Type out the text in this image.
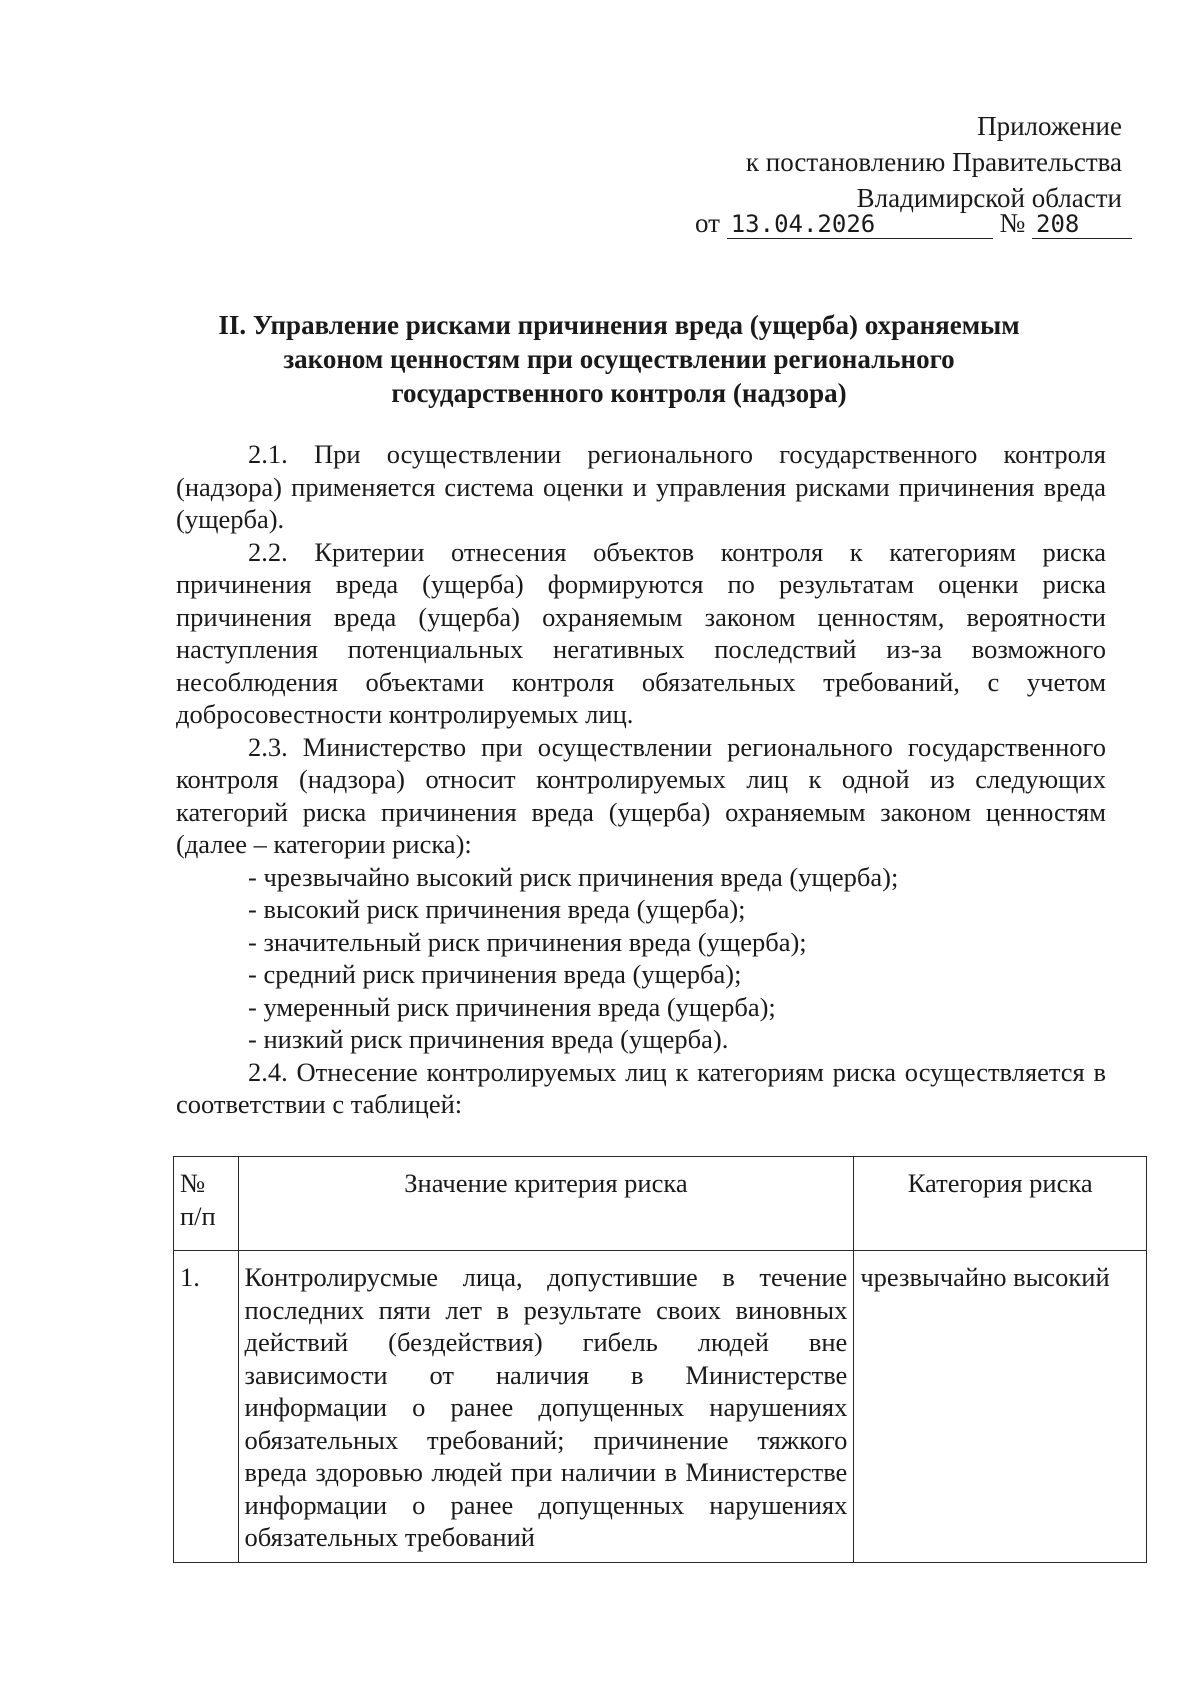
Приложение
к постановлению Правительства
Владимирской области
от 13.04.2026	№ 208
II. Управление рисками причинения вреда (ущерба) охраняемым
законом ценностям при осуществлении регионального
государственного контроля (надзора)

2.1. При осуществлении регионального государственного контроля (надзора) применяется система оценки и управления рисками причинения вреда (ущерба).

2.2. Критерии отнесения объектов контроля к категориям риска причинения вреда (ущерба) формируются по результатам оценки риска причинения вреда (ущерба) охраняемым законом ценностям, вероятности наступления потенциальных негативных последствий из-за возможного несоблюдения объектами контроля обязательных требований, с учетом добросовестности контролируемых лиц.

2.3. Министерство при осуществлении регионального государственного контроля (надзора) относит контролируемых лиц к одной из следующих категорий риска причинения вреда (ущерба) охраняемым законом ценностям (далее – категории риска):

- чрезвычайно высокий риск причинения вреда (ущерба);
- высокий риск причинения вреда (ущерба);
- значительный риск причинения вреда (ущерба);
- средний риск причинения вреда (ущерба);
- умеренный риск причинения вреда (ущерба);
- низкий риск причинения вреда (ущерба).

2.4. Отнесение контролируемых лиц к категориям риска осуществляется в соответствии с таблицей:

№ п/п	Значение критерия риска	Категория риска
1.	Контролирусмые лица, допустившие в течение последних пяти лет в результате своих виновных действий (бездействия) гибель людей вне зависимости от наличия в Министерстве информации о ранее допущенных нарушениях обязательных требований; причинение тяжкого вреда здоровью людей при наличии в Министерстве информации о ранее допущенных нарушениях обязательных требований	чрезвычайно высокий
